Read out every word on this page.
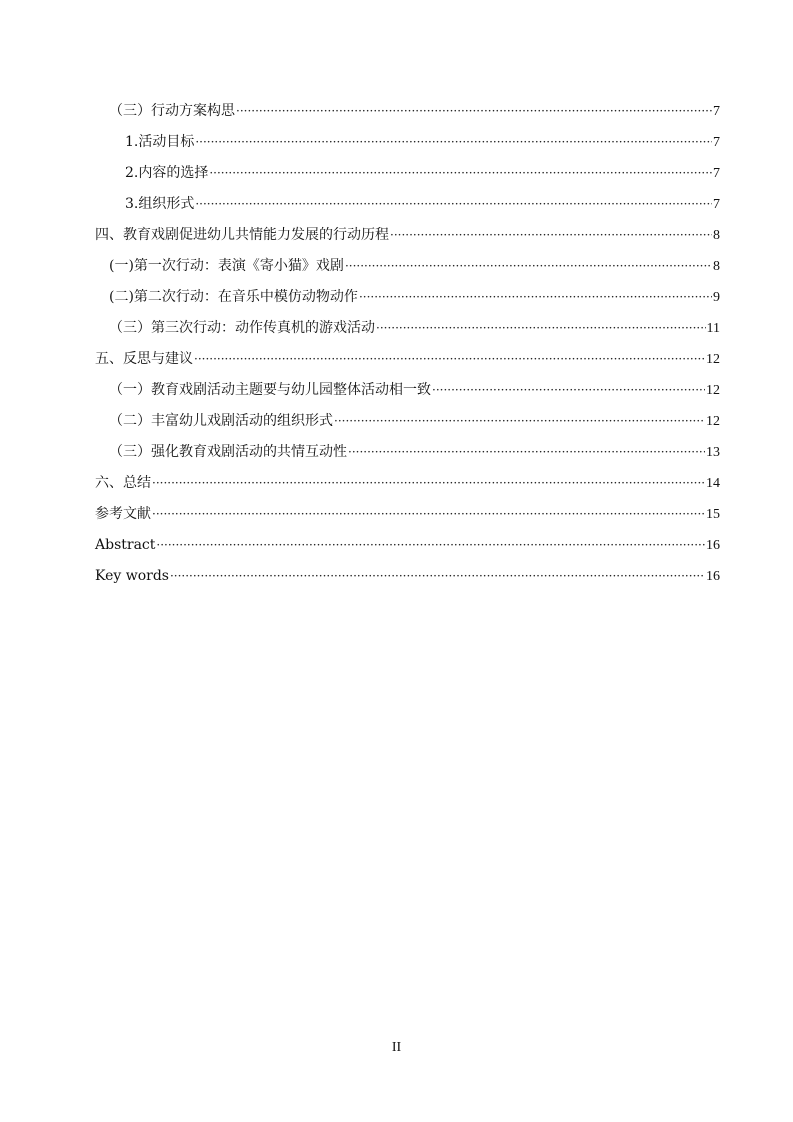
（三）行动方案构思 ·····	7
1.活动目标 ·····	7
2.内容的选择 ·····	7
3.组织形式 ·····	7
四、教育戏剧促进幼儿共情能力发展的行动历程 ·····	8
(一)第一次行动：表演《寄小猫》戏剧 ·····	8
(二)第二次行动：在音乐中模仿动物动作 ·····	9
（三）第三次行动：动作传真机的游戏活动 ·····	11
五、反思与建议 ·····	12
（一）教育戏剧活动主题要与幼儿园整体活动相一致 ·····	12
（二）丰富幼儿戏剧活动的组织形式 ·····	12
（三）强化教育戏剧活动的共情互动性 ·····	13
六、总结 ·····	14
参考文献 ·····	15
Abstract ·····	16
Key words ·····	16
II
